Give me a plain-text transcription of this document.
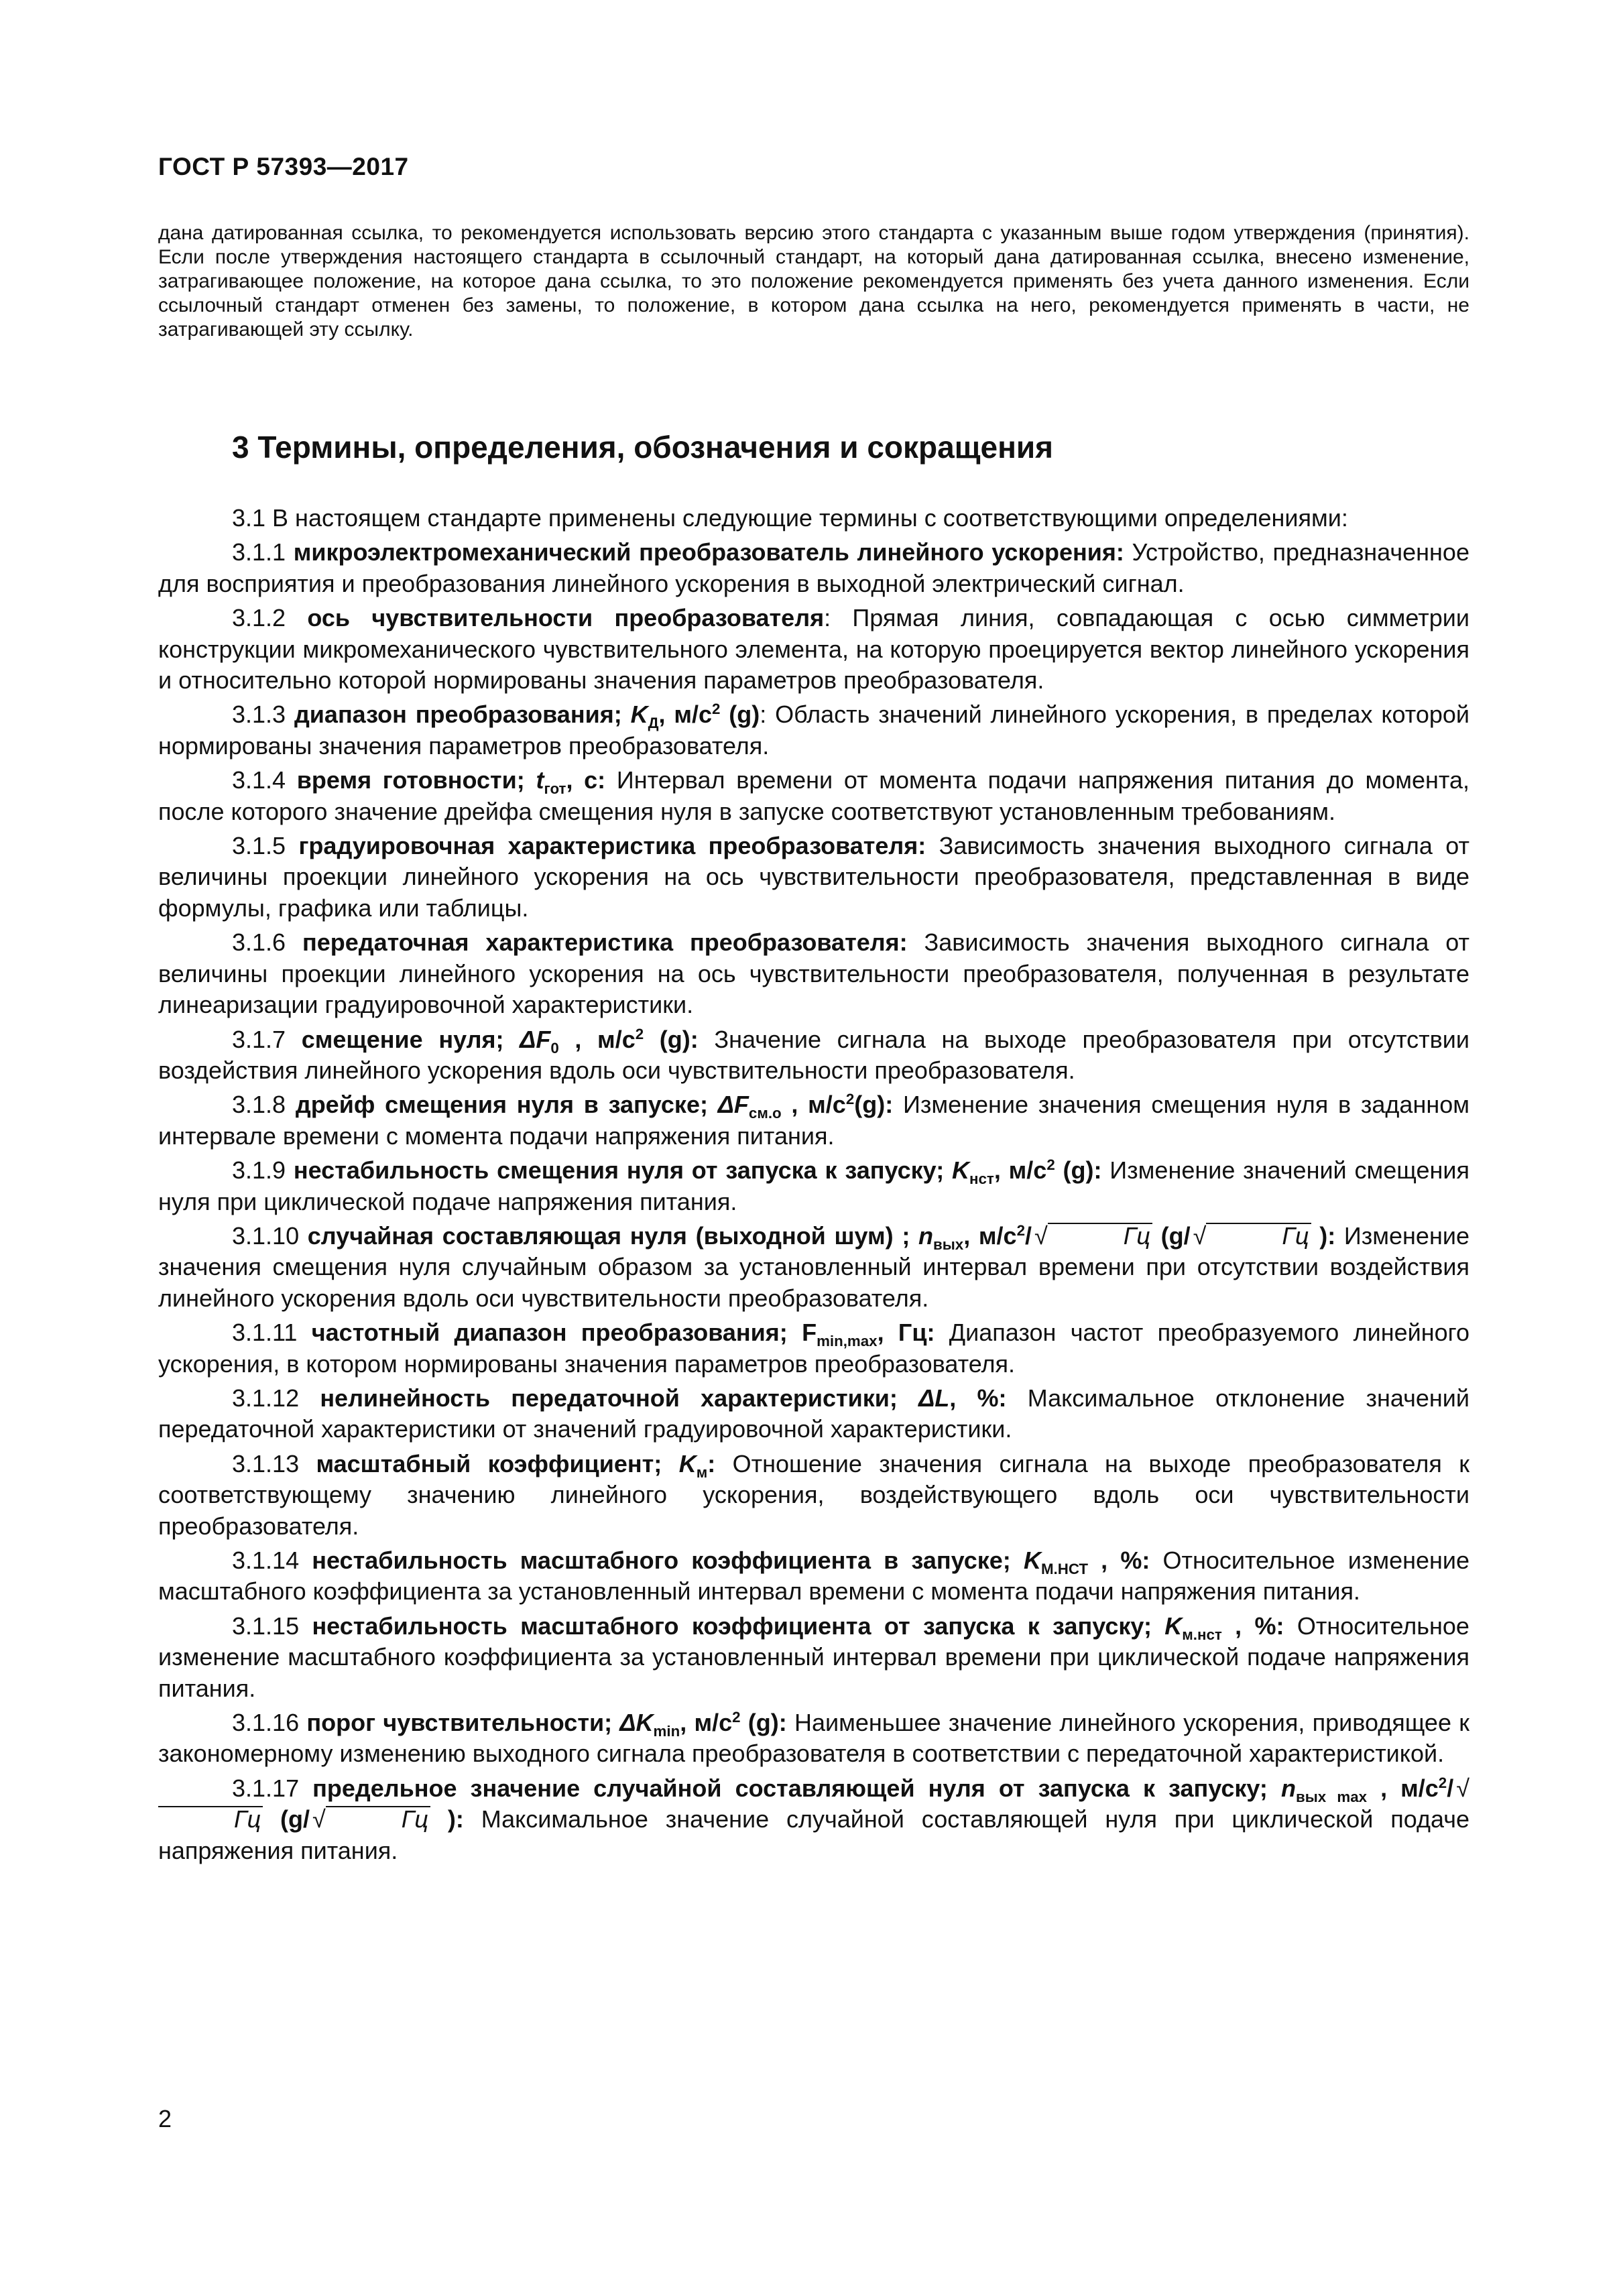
ГОСТ Р 57393—2017

дана датированная ссылка, то рекомендуется использовать версию этого стандарта с указанным выше годом утверждения (принятия). Если после утверждения настоящего стандарта в ссылочный стандарт, на который дана датированная ссылка, внесено изменение, затрагивающее положение, на которое дана ссылка, то это положение рекомендуется применять без учета данного изменения. Если ссылочный стандарт отменен без замены, то положение, в котором дана ссылка на него, рекомендуется применять в части, не затрагивающей эту ссылку.

3 Термины, определения, обозначения и сокращения

3.1 В настоящем стандарте применены следующие термины с соответствующими определениями:

3.1.1 микроэлектромеханический преобразователь линейного ускорения: Устройство, предназначенное для восприятия и преобразования линейного ускорения в выходной электрический сигнал.

3.1.2 ось чувствительности преобразователя: Прямая линия, совпадающая с осью симметрии конструкции микромеханического чувствительного элемента, на которую проецируется вектор линейного ускорения и относительно которой нормированы значения параметров преобразователя.

3.1.3 диапазон преобразования; $K_Д$, $м/с^2$ (g): Область значений линейного ускорения, в пределах которой нормированы значения параметров преобразователя.

3.1.4 время готовности; $t_{гот}$, с: Интервал времени от момента подачи напряжения питания до момента, после которого значение дрейфа смещения нуля в запуске соответствуют установленным требованиям.

3.1.5 градуировочная характеристика преобразователя: Зависимость значения выходного сигнала от величины проекции линейного ускорения на ось чувствительности преобразователя, представленная в виде формулы, графика или таблицы.

3.1.6 передаточная характеристика преобразователя: Зависимость значения выходного сигнала от величины проекции линейного ускорения на ось чувствительности преобразователя, полученная в результате линеаризации градуировочной характеристики.

3.1.7 смещение нуля; $\Delta F_0$ , $м/с^2$ (g): Значение сигнала на выходе преобразователя при отсутствии воздействия линейного ускорения вдоль оси чувствительности преобразователя.

3.1.8 дрейф смещения нуля в запуске; $\Delta F_{см.о}$ , $м/с^2(g)$: Изменение значения смещения нуля в заданном интервале времени с момента подачи напряжения питания.

3.1.9 нестабильность смещения нуля от запуска к запуску; $K_{нст}$, $м/с^2$ (g): Изменение значений смещения нуля при циклической подаче напряжения питания.

3.1.10 случайная составляющая нуля (выходной шум) ; $n_{вых}$, $м/с^2/$ √	Гц (g/ √	Гц ): Изменение значения смещения нуля случайным образом за установленный интервал времени при отсутствии воздействия линейного ускорения вдоль оси чувствительности преобразователя.

3.1.11 частотный диапазон преобразования; $F_{min,max}$, Гц: Диапазон частот преобразуемого линейного ускорения, в котором нормированы значения параметров преобразователя.

3.1.12 нелинейность передаточной характеристики; ΔL, %: Максимальное отклонение значений передаточной характеристики от значений градуировочной характеристики.

3.1.13 масштабный коэффициент; $K_м$: Отношение значения сигнала на выходе преобразователя к соответствующему значению линейного ускорения, воздействующего вдоль оси чувствительности преобразователя.

3.1.14 нестабильность масштабного коэффициента в запуске; $K_{М.НСТ}$ , %: Относительное изменение масштабного коэффициента за установленный интервал времени с момента подачи напряжения питания.

3.1.15 нестабильность масштабного коэффициента от запуска к запуску; $K_{м.нст}$ , %: Относительное изменение масштабного коэффициента за установленный интервал времени при циклической подаче напряжения питания.

3.1.16 порог чувствительности; $\Delta K_{min}$, $м/с^2$ (g): Наименьшее значение линейного ускорения, приводящее к закономерному изменению выходного сигнала преобразователя в соответствии с передаточной характеристикой.

3.1.17 предельное значение случайной составляющей нуля от запуска к запуску; $n_{вых max}$ , $м/с^2/$ √Гц (g/ √	Гц ): Максимальное значение случайной составляющей нуля при циклической подаче напряжения питания.

2
